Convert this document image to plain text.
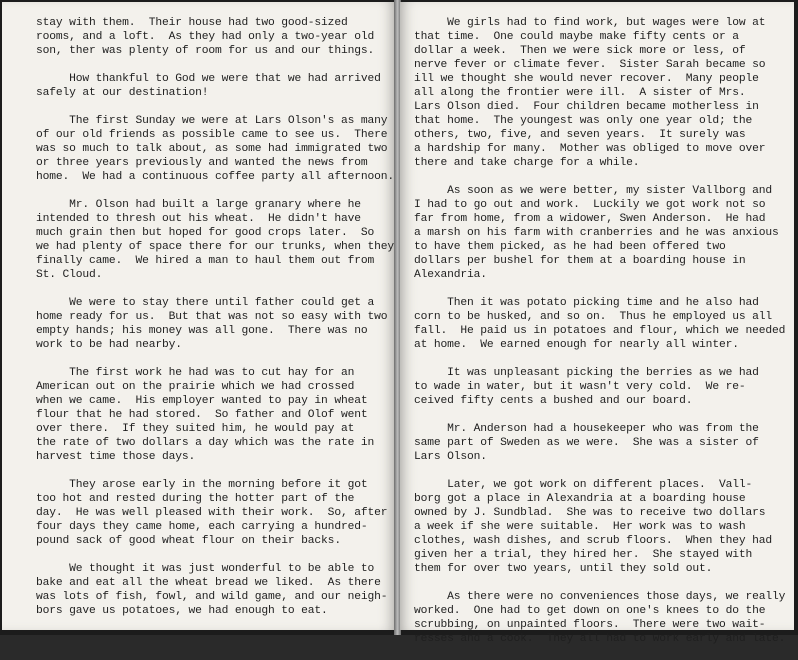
stay with them.  Their house had two good-sized
rooms, and a loft.  As they had only a two-year old
son, ther was plenty of room for us and our things.
How thankful to God we were that we had arrived
safely at our destination!
The first Sunday we were at Lars Olson's as many
of our old friends as possible came to see us.  There
was so much to talk about, as some had immigrated two
or three years previously and wanted the news from
home.  We had a continuous coffee party all afternoon.
Mr. Olson had built a large granary where he
intended to thresh out his wheat.  He didn't have
much grain then but hoped for good crops later.  So
we had plenty of space there for our trunks, when they
finally came.  We hired a man to haul them out from
St. Cloud.
We were to stay there until father could get a
home ready for us.  But that was not so easy with two
empty hands; his money was all gone.  There was no
work to be had nearby.
The first work he had was to cut hay for an
American out on the prairie which we had crossed
when we came.  His employer wanted to pay in wheat
flour that he had stored.  So father and Olof went
over there.  If they suited him, he would pay at
the rate of two dollars a day which was the rate in
harvest time those days.
They arose early in the morning before it got
too hot and rested during the hotter part of the
day.  He was well pleased with their work.  So, after
four days they came home, each carrying a hundred-
pound sack of good wheat flour on their backs.
We thought it was just wonderful to be able to
bake and eat all the wheat bread we liked.  As there
was lots of fish, fowl, and wild game, and our neigh-
bors gave us potatoes, we had enough to eat.
We girls had to find work, but wages were low at
that time.  One could maybe make fifty cents or a
dollar a week.  Then we were sick more or less, of
nerve fever or climate fever.  Sister Sarah became so
ill we thought she would never recover.  Many people
all along the frontier were ill.  A sister of Mrs.
Lars Olson died.  Four children became motherless in
that home.  The youngest was only one year old; the
others, two, five, and seven years.  It surely was
a hardship for many.  Mother was obliged to move over
there and take charge for a while.
As soon as we were better, my sister Vallborg and
I had to go out and work.  Luckily we got work not so
far from home, from a widower, Swen Anderson.  He had
a marsh on his farm with cranberries and he was anxious
to have them picked, as he had been offered two
dollars per bushel for them at a boarding house in
Alexandria.
Then it was potato picking time and he also had
corn to be husked, and so on.  Thus he employed us all
fall.  He paid us in potatoes and flour, which we needed
at home.  We earned enough for nearly all winter.
It was unpleasant picking the berries as we had
to wade in water, but it wasn't very cold.  We re-
ceived fifty cents a bushed and our board.
Mr. Anderson had a housekeeper who was from the
same part of Sweden as we were.  She was a sister of
Lars Olson.
Later, we got work on different places.  Vall-
borg got a place in Alexandria at a boarding house
owned by J. Sundblad.  She was to receive two dollars
a week if she were suitable.  Her work was to wash
clothes, wash dishes, and scrub floors.  When they had
given her a trial, they hired her.  She stayed with
them for over two years, until they sold out.
As there were no conveniences those days, we really
worked.  One had to get down on one's knees to do the
scrubbing, on unpainted floors.  There were two wait-
resses and a cook.  They all had to work early and late.
